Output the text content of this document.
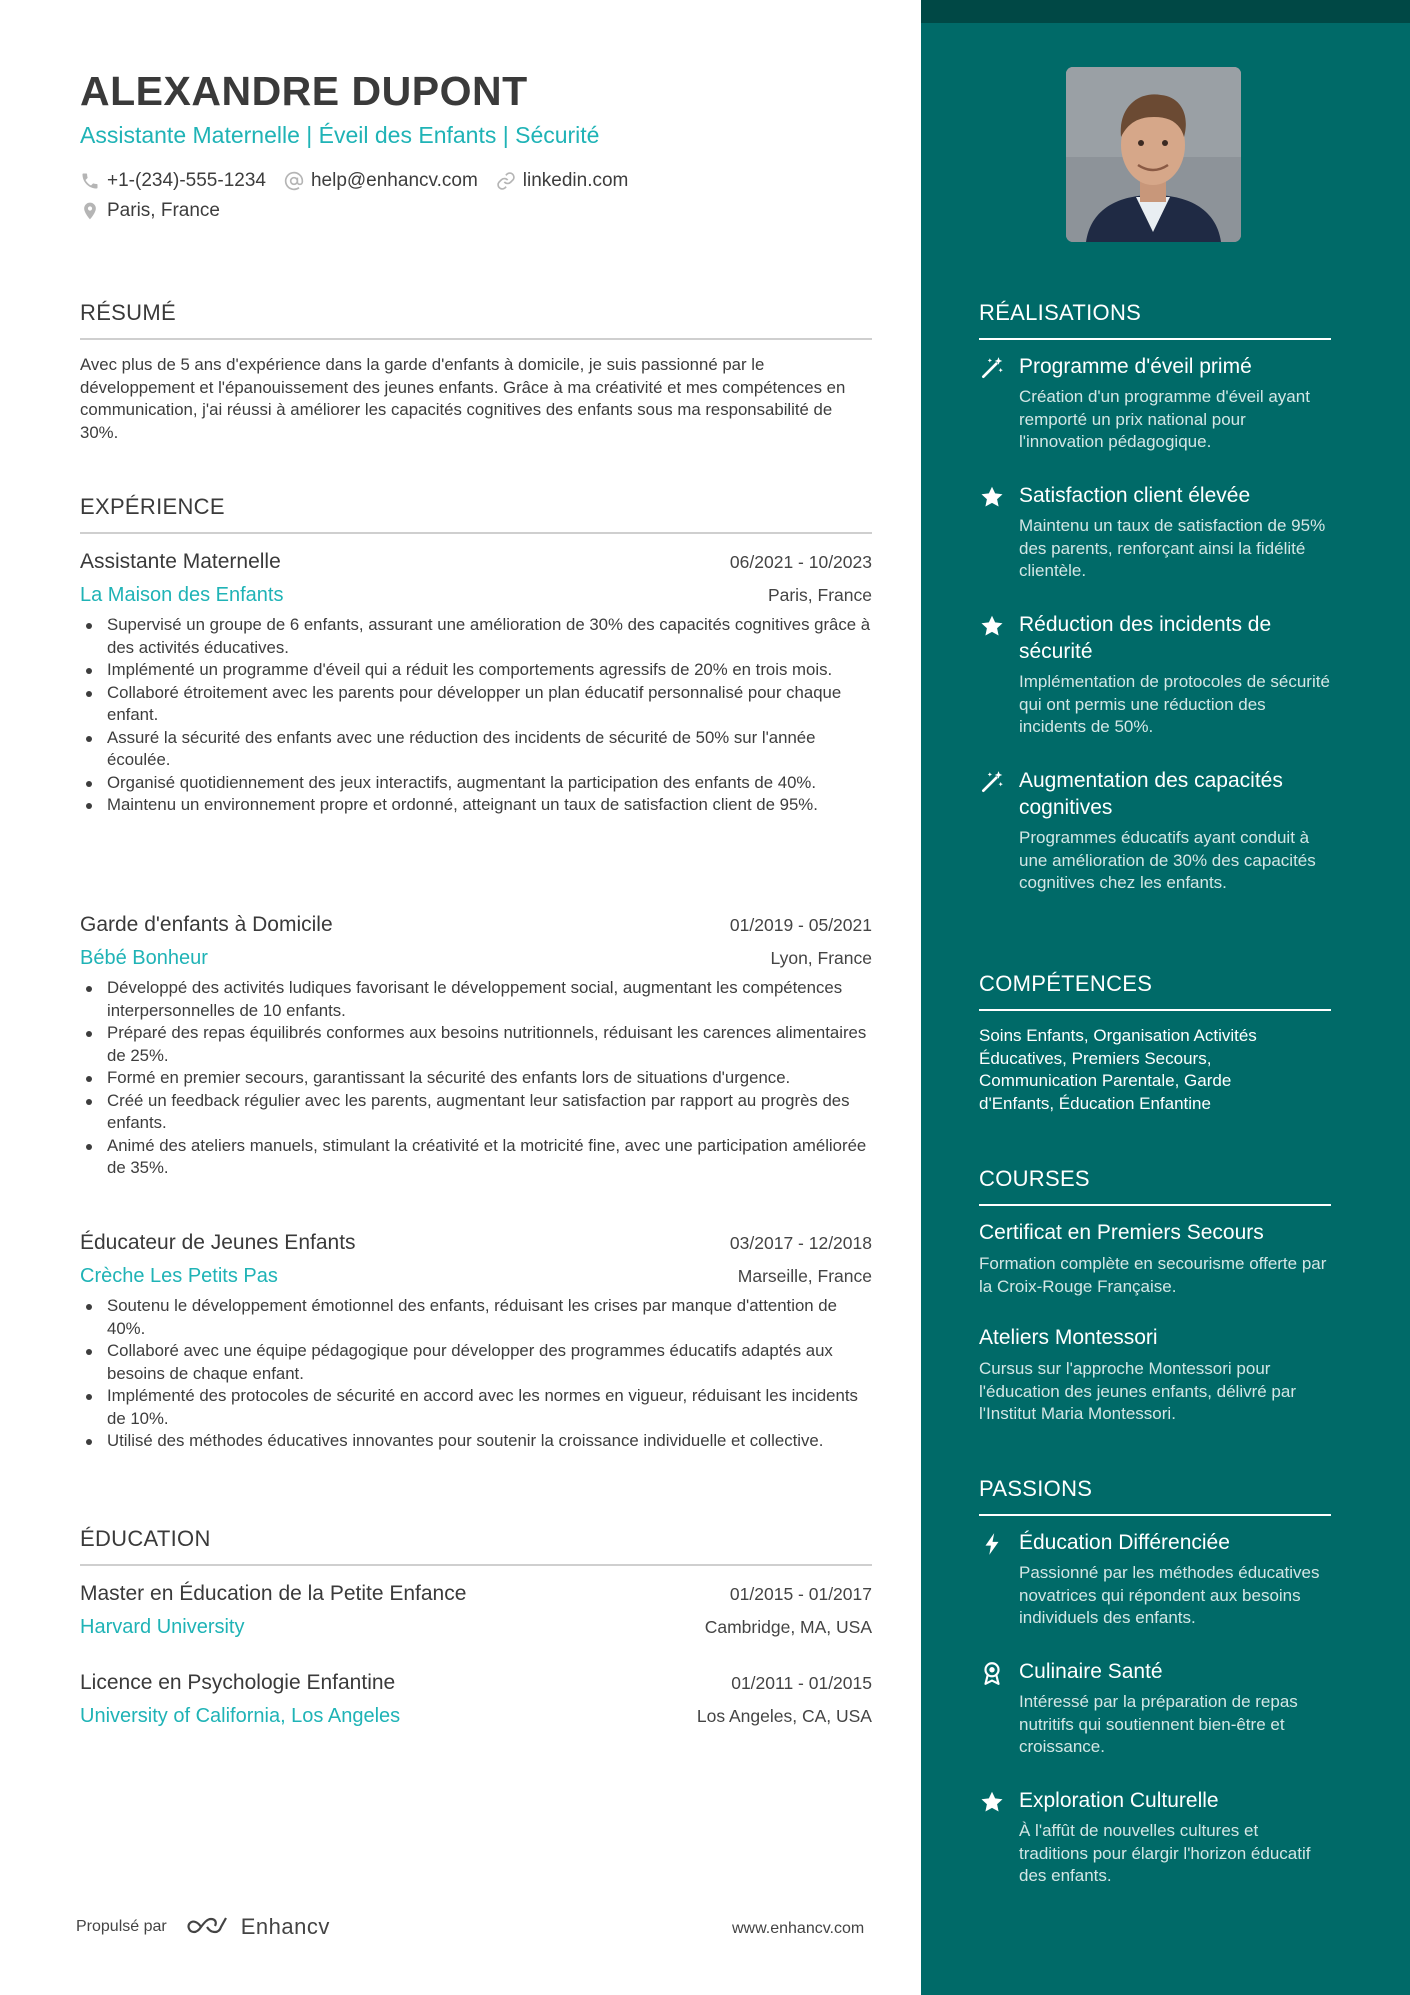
ALEXANDRE DUPONT
Assistante Maternelle | Éveil des Enfants | Sécurité
+1-(234)-555-1234 help@enhancv.com linkedin.com
Paris, France
RÉSUMÉ
Avec plus de 5 ans d'expérience dans la garde d'enfants à domicile, je suis passionné par le développement et l'épanouissement des jeunes enfants. Grâce à ma créativité et mes compétences en communication, j'ai réussi à améliorer les capacités cognitives des enfants sous ma responsabilité de 30%.
EXPÉRIENCE
Assistante Maternelle	06/2021 - 10/2023
La Maison des Enfants	Paris, France
Supervisé un groupe de 6 enfants, assurant une amélioration de 30% des capacités cognitives grâce à des activités éducatives.
Implémenté un programme d'éveil qui a réduit les comportements agressifs de 20% en trois mois.
Collaboré étroitement avec les parents pour développer un plan éducatif personnalisé pour chaque enfant.
Assuré la sécurité des enfants avec une réduction des incidents de sécurité de 50% sur l'année écoulée.
Organisé quotidiennement des jeux interactifs, augmentant la participation des enfants de 40%.
Maintenu un environnement propre et ordonné, atteignant un taux de satisfaction client de 95%.
Garde d'enfants à Domicile	01/2019 - 05/2021
Bébé Bonheur	Lyon, France
Développé des activités ludiques favorisant le développement social, augmentant les compétences interpersonnelles de 10 enfants.
Préparé des repas équilibrés conformes aux besoins nutritionnels, réduisant les carences alimentaires de 25%.
Formé en premier secours, garantissant la sécurité des enfants lors de situations d'urgence.
Créé un feedback régulier avec les parents, augmentant leur satisfaction par rapport au progrès des enfants.
Animé des ateliers manuels, stimulant la créativité et la motricité fine, avec une participation améliorée de 35%.
Éducateur de Jeunes Enfants	03/2017 - 12/2018
Crèche Les Petits Pas	Marseille, France
Soutenu le développement émotionnel des enfants, réduisant les crises par manque d'attention de 40%.
Collaboré avec une équipe pédagogique pour développer des programmes éducatifs adaptés aux besoins de chaque enfant.
Implémenté des protocoles de sécurité en accord avec les normes en vigueur, réduisant les incidents de 10%.
Utilisé des méthodes éducatives innovantes pour soutenir la croissance individuelle et collective.
ÉDUCATION
Master en Éducation de la Petite Enfance	01/2015 - 01/2017
Harvard University	Cambridge, MA, USA
Licence en Psychologie Enfantine	01/2011 - 01/2015
University of California, Los Angeles	Los Angeles, CA, USA
Propulsé par	Enhancv	www.enhancv.com
RÉALISATIONS
Programme d'éveil primé
Création d'un programme d'éveil ayant remporté un prix national pour l'innovation pédagogique.
Satisfaction client élevée
Maintenu un taux de satisfaction de 95% des parents, renforçant ainsi la fidélité clientèle.
Réduction des incidents de sécurité
Implémentation de protocoles de sécurité qui ont permis une réduction des incidents de 50%.
Augmentation des capacités cognitives
Programmes éducatifs ayant conduit à une amélioration de 30% des capacités cognitives chez les enfants.
COMPÉTENCES
Soins Enfants, Organisation Activités Éducatives, Premiers Secours, Communication Parentale, Garde d'Enfants, Éducation Enfantine
COURSES
Certificat en Premiers Secours
Formation complète en secourisme offerte par la Croix-Rouge Française.
Ateliers Montessori
Cursus sur l'approche Montessori pour l'éducation des jeunes enfants, délivré par l'Institut Maria Montessori.
PASSIONS
Éducation Différenciée
Passionné par les méthodes éducatives novatrices qui répondent aux besoins individuels des enfants.
Culinaire Santé
Intéressé par la préparation de repas nutritifs qui soutiennent bien-être et croissance.
Exploration Culturelle
À l'affût de nouvelles cultures et traditions pour élargir l'horizon éducatif des enfants.
